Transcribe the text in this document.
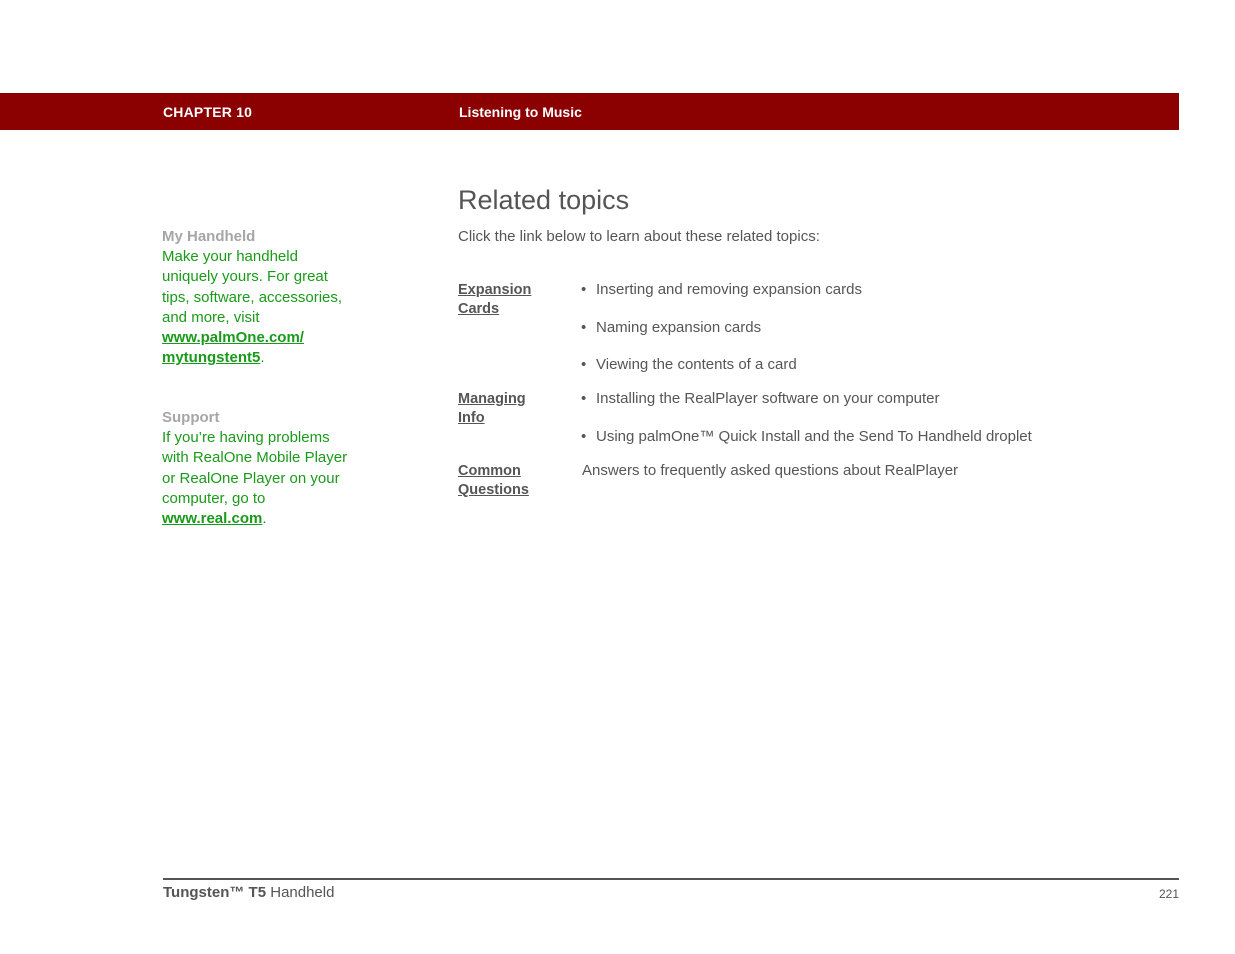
CHAPTER 10	Listening to Music
My Handheld
Make your handheld
uniquely yours. For great
tips, software, accessories,
and more, visit
www.palmOne.com/
mytungstent5.
Support
If you’re having problems
with RealOne Mobile Player
or RealOne Player on your
computer, go to
www.real.com.
Related topics
Click the link below to learn about these related topics:
Expansion
Cards
• Inserting and removing expansion cards
• Naming expansion cards
• Viewing the contents of a card
Managing
Info
• Installing the RealPlayer software on your computer
• Using palmOne™ Quick Install and the Send To Handheld droplet
Common
Questions
Answers to frequently asked questions about RealPlayer
Tungsten™ T5 Handheld	221
